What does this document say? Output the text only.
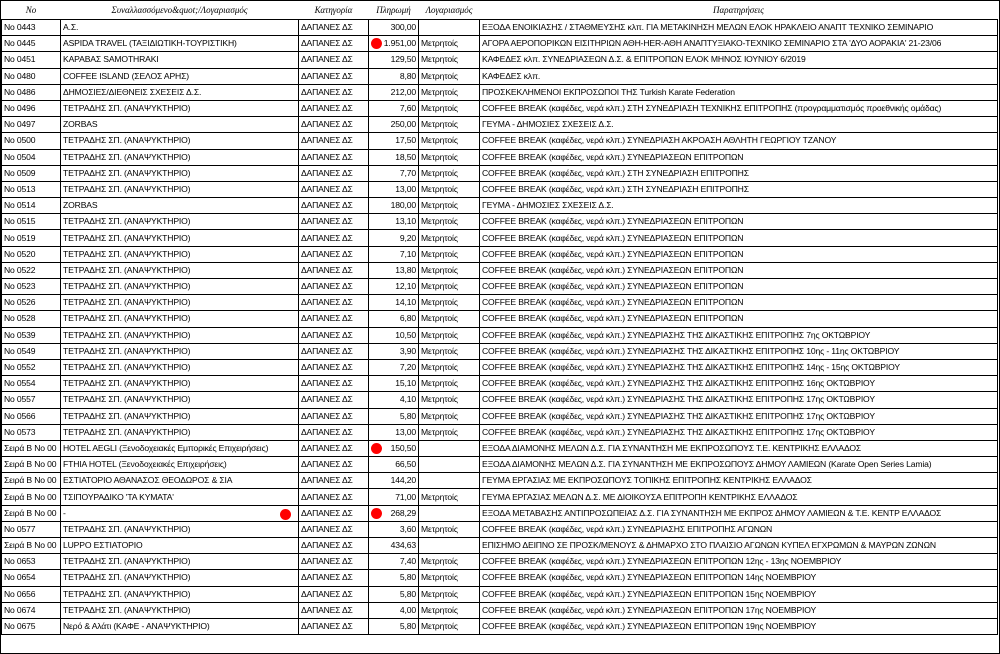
No	Συναλλασσόμενο&quot;/Λογαριασμός	Κατηγορία	Πληρωμή	Λογαριασμός	Παρατηρήσεις
No 0443	Α.Σ.	ΔΑΠΑΝΕΣ ΔΣ	300,00		ΕΞΟΔΑ ΕΝΟΙΚΙΑΣΗΣ / ΣΤΑΘΜΕΥΣΗΣ κλπ. ΓΙΑ ΜΕΤΑΚΙΝΗΣΗ ΜΕΛΩΝ ΕΛΟΚ ΗΡΑΚΛΕΙΟ ΑΝΑΠΤ ΤΕΧΝΙΚΟ ΣΕΜΙΝΑΡΙΟ
No 0445	ASPIDA TRAVEL (ΤΑΞΙΔΙΩΤΙΚΗ-ΤΟΥΡΙΣΤΙΚΗ)	ΔΑΠΑΝΕΣ ΔΣ	1.951,00	Μετρητοίς	ΑΓΟΡΑ ΑΕΡΟΠΟΡΙΚΩΝ ΕΙΣΙΤΗΡΙΩΝ ΑΘΗ-ΗΕR-ΑΘΗ ΑΝΑΠΤΥΞΙΑΚΟ-ΤΕΧΝΙΚΟ ΣΕΜΙΝΑΡΙΟ ΣΤΑ 'ΔΥΟ ΑΟΡΑΚΙΑ' 21-23/06
No 0451	ΚΑΡΑΒΑΣ SAMOTHRAKI	ΔΑΠΑΝΕΣ ΔΣ	129,50	Μετρητοίς	ΚΑΦΕΔΕΣ κλπ. ΣΥΝΕΔΡΙΑΣΕΩΝ Δ.Σ. & ΕΠΙΤΡΟΠΩΝ ΕΛΟΚ ΜΗΝΟΣ ΙΟΥΝΙΟΥ 6/2019
No 0480	COFFEE ISLAND (ΣΕΛΟΣ ΑΡΗΣ)	ΔΑΠΑΝΕΣ ΔΣ	8,80	Μετρητοίς	ΚΑΦΕΔΕΣ κλπ.
No 0486	ΔΗΜΟΣΙΕΣ/ΔΙΕΘΝΕΙΣ ΣΧΕΣΕΙΣ Δ.Σ.	ΔΑΠΑΝΕΣ ΔΣ	212,00	Μετρητοίς	ΠΡΟΣΚΕΚΛΗΜΕΝΟΙ ΕΚΠΡΟΣΩΠΟΙ ΤΗΣ Turkish Karate Federation
No 0496	ΤΕΤΡΑΔΗΣ ΣΠ. (ΑΝΑΨΥΚΤΗΡΙΟ)	ΔΑΠΑΝΕΣ ΔΣ	7,60	Μετρητοίς	COFFEE BREAK (καφέδες, νερά κλπ.) ΣΤΗ ΣΥΝΕΔΡΙΑΣΗ ΤΕΧΝΙΚΗΣ ΕΠΙΤΡΟΠΗΣ (προγραμματισμός προεθνικής ομάδας)
No 0497	ZORBAS	ΔΑΠΑΝΕΣ ΔΣ	250,00	Μετρητοίς	ΓΕΥΜΑ - ΔΗΜΟΣΙΕΣ ΣΧΕΣΕΙΣ Δ.Σ.
No 0500	ΤΕΤΡΑΔΗΣ ΣΠ. (ΑΝΑΨΥΚΤΗΡΙΟ)	ΔΑΠΑΝΕΣ ΔΣ	17,50	Μετρητοίς	COFFEE BREAK (καφέδες, νερά κλπ.) ΣΥΝΕΔΡΙΑΣΗ ΑΚΡΟΑΣΗ ΑΘΛΗΤΗ ΓΕΩΡΓΙΟΥ ΤΖΑΝΟΥ
No 0504	ΤΕΤΡΑΔΗΣ ΣΠ. (ΑΝΑΨΥΚΤΗΡΙΟ)	ΔΑΠΑΝΕΣ ΔΣ	18,50	Μετρητοίς	COFFEE BREAK (καφέδες, νερά κλπ.) ΣΥΝΕΔΡΙΑΣΕΩΝ ΕΠΙΤΡΟΠΩΝ
No 0509	ΤΕΤΡΑΔΗΣ ΣΠ. (ΑΝΑΨΥΚΤΗΡΙΟ)	ΔΑΠΑΝΕΣ ΔΣ	7,70	Μετρητοίς	COFFEE BREAK (καφέδες, νερά κλπ.) ΣΤΗ ΣΥΝΕΔΡΙΑΣΗ ΕΠΙΤΡΟΠΗΣ
No 0513	ΤΕΤΡΑΔΗΣ ΣΠ. (ΑΝΑΨΥΚΤΗΡΙΟ)	ΔΑΠΑΝΕΣ ΔΣ	13,00	Μετρητοίς	COFFEE BREAK (καφέδες, νερά κλπ.) ΣΤΗ ΣΥΝΕΔΡΙΑΣΗ ΕΠΙΤΡΟΠΗΣ
No 0514	ZORBAS	ΔΑΠΑΝΕΣ ΔΣ	180,00	Μετρητοίς	ΓΕΥΜΑ - ΔΗΜΟΣΙΕΣ ΣΧΕΣΕΙΣ Δ.Σ.
No 0515	ΤΕΤΡΑΔΗΣ ΣΠ. (ΑΝΑΨΥΚΤΗΡΙΟ)	ΔΑΠΑΝΕΣ ΔΣ	13,10	Μετρητοίς	COFFEE BREAK (καφέδες, νερά κλπ.) ΣΥΝΕΔΡΙΑΣΕΩΝ ΕΠΙΤΡΟΠΩΝ
No 0519	ΤΕΤΡΑΔΗΣ ΣΠ. (ΑΝΑΨΥΚΤΗΡΙΟ)	ΔΑΠΑΝΕΣ ΔΣ	9,20	Μετρητοίς	COFFEE BREAK (καφέδες, νερά κλπ.) ΣΥΝΕΔΡΙΑΣΕΩΝ ΕΠΙΤΡΟΠΩΝ
No 0520	ΤΕΤΡΑΔΗΣ ΣΠ. (ΑΝΑΨΥΚΤΗΡΙΟ)	ΔΑΠΑΝΕΣ ΔΣ	7,10	Μετρητοίς	COFFEE BREAK (καφέδες, νερά κλπ.) ΣΥΝΕΔΡΙΑΣΕΩΝ ΕΠΙΤΡΟΠΩΝ
No 0522	ΤΕΤΡΑΔΗΣ ΣΠ. (ΑΝΑΨΥΚΤΗΡΙΟ)	ΔΑΠΑΝΕΣ ΔΣ	13,80	Μετρητοίς	COFFEE BREAK (καφέδες, νερά κλπ.) ΣΥΝΕΔΡΙΑΣΕΩΝ ΕΠΙΤΡΟΠΩΝ
No 0523	ΤΕΤΡΑΔΗΣ ΣΠ. (ΑΝΑΨΥΚΤΗΡΙΟ)	ΔΑΠΑΝΕΣ ΔΣ	12,10	Μετρητοίς	COFFEE BREAK (καφέδες, νερά κλπ.) ΣΥΝΕΔΡΙΑΣΕΩΝ ΕΠΙΤΡΟΠΩΝ
No 0526	ΤΕΤΡΑΔΗΣ ΣΠ. (ΑΝΑΨΥΚΤΗΡΙΟ)	ΔΑΠΑΝΕΣ ΔΣ	14,10	Μετρητοίς	COFFEE BREAK (καφέδες, νερά κλπ.) ΣΥΝΕΔΡΙΑΣΕΩΝ ΕΠΙΤΡΟΠΩΝ
No 0528	ΤΕΤΡΑΔΗΣ ΣΠ. (ΑΝΑΨΥΚΤΗΡΙΟ)	ΔΑΠΑΝΕΣ ΔΣ	6,80	Μετρητοίς	COFFEE BREAK (καφέδες, νερά κλπ.) ΣΥΝΕΔΡΙΑΣΕΩΝ ΕΠΙΤΡΟΠΩΝ
No 0539	ΤΕΤΡΑΔΗΣ ΣΠ. (ΑΝΑΨΥΚΤΗΡΙΟ)	ΔΑΠΑΝΕΣ ΔΣ	10,50	Μετρητοίς	COFFEE BREAK (καφέδες, νερά κλπ.) ΣΥΝΕΔΡΙΑΣΗΣ ΤΗΣ ΔΙΚΑΣΤΙΚΗΣ ΕΠΙΤΡΟΠΗΣ 7ης ΟΚΤΩΒΡΙΟΥ
No 0549	ΤΕΤΡΑΔΗΣ ΣΠ. (ΑΝΑΨΥΚΤΗΡΙΟ)	ΔΑΠΑΝΕΣ ΔΣ	3,90	Μετρητοίς	COFFEE BREAK (καφέδες, νερά κλπ.) ΣΥΝΕΔΡΙΑΣΗΣ ΤΗΣ ΔΙΚΑΣΤΙΚΗΣ ΕΠΙΤΡΟΠΗΣ 10ης - 11ης ΟΚΤΩΒΡΙΟΥ
No 0552	ΤΕΤΡΑΔΗΣ ΣΠ. (ΑΝΑΨΥΚΤΗΡΙΟ)	ΔΑΠΑΝΕΣ ΔΣ	7,20	Μετρητοίς	COFFEE BREAK (καφέδες, νερά κλπ.) ΣΥΝΕΔΡΙΑΣΗΣ ΤΗΣ ΔΙΚΑΣΤΙΚΗΣ ΕΠΙΤΡΟΠΗΣ 14ης - 15ης ΟΚΤΩΒΡΙΟΥ
No 0554	ΤΕΤΡΑΔΗΣ ΣΠ. (ΑΝΑΨΥΚΤΗΡΙΟ)	ΔΑΠΑΝΕΣ ΔΣ	15,10	Μετρητοίς	COFFEE BREAK (καφέδες, νερά κλπ.) ΣΥΝΕΔΡΙΑΣΗΣ ΤΗΣ ΔΙΚΑΣΤΙΚΗΣ ΕΠΙΤΡΟΠΗΣ 16ης ΟΚΤΩΒΡΙΟΥ
No 0557	ΤΕΤΡΑΔΗΣ ΣΠ. (ΑΝΑΨΥΚΤΗΡΙΟ)	ΔΑΠΑΝΕΣ ΔΣ	4,10	Μετρητοίς	COFFEE BREAK (καφέδες, νερά κλπ.) ΣΥΝΕΔΡΙΑΣΗΣ ΤΗΣ ΔΙΚΑΣΤΙΚΗΣ ΕΠΙΤΡΟΠΗΣ 17ης ΟΚΤΩΒΡΙΟΥ
No 0566	ΤΕΤΡΑΔΗΣ ΣΠ. (ΑΝΑΨΥΚΤΗΡΙΟ)	ΔΑΠΑΝΕΣ ΔΣ	5,80	Μετρητοίς	COFFEE BREAK (καφέδες, νερά κλπ.) ΣΥΝΕΔΡΙΑΣΗΣ ΤΗΣ ΔΙΚΑΣΤΙΚΗΣ ΕΠΙΤΡΟΠΗΣ 17ης ΟΚΤΩΒΡΙΟΥ
No 0573	ΤΕΤΡΑΔΗΣ ΣΠ. (ΑΝΑΨΥΚΤΗΡΙΟ)	ΔΑΠΑΝΕΣ ΔΣ	13,00	Μετρητοίς	COFFEE BREAK (καφέδες, νερά κλπ.) ΣΥΝΕΔΡΙΑΣΗΣ ΤΗΣ ΔΙΚΑΣΤΙΚΗΣ ΕΠΙΤΡΟΠΗΣ 17ης ΟΚΤΩΒΡΙΟΥ
Σειρά Β Νο 00	HOTEL AEGLI (Ξενοδοχειακές Εμπορικές Επιχειρήσεις)	ΔΑΠΑΝΕΣ ΔΣ	150,50		ΕΞΟΔΑ ΔΙΑΜΟΝΗΣ ΜΕΛΩΝ Δ.Σ. ΓΙΑ ΣΥΝΑΝΤΗΣΗ ΜΕ ΕΚΠΡΟΣΩΠΟΥΣ Τ.Ε. ΚΕΝΤΡΙΚΗΣ ΕΛΛΑΔΟΣ
Σειρά Β Νο 00	FTHIA HOTEL (Ξενοδοχειακές Επιχειρήσεις)	ΔΑΠΑΝΕΣ ΔΣ	66,50		ΕΞΟΔΑ ΔΙΑΜΟΝΗΣ ΜΕΛΩΝ Δ.Σ. ΓΙΑ ΣΥΝΑΝΤΗΣΗ ΜΕ ΕΚΠΡΟΣΩΠΟΥΣ ΔΗΜΟΥ ΛΑΜΙΕΩΝ (Karate Open Series Lamia)
Σειρά Β Νο 00	ΕΣΤΙΑΤΟΡΙΟ ΑΘΑΝΑΣΟΣ ΘΕΟΔΩΡΟΣ & ΣΙΑ	ΔΑΠΑΝΕΣ ΔΣ	144,20		ΓΕΥΜΑ ΕΡΓΑΣΙΑΣ ΜΕ ΕΚΠΡΟΣΩΠΟΥΣ ΤΟΠΙΚΗΣ ΕΠΙΤΡΟΠΗΣ ΚΕΝΤΡΙΚΗΣ ΕΛΛΑΔΟΣ
Σειρά Β Νο 00	ΤΣΙΠΟΥΡΑΔΙΚΟ 'ΤΑ ΚΥΜΑΤΑ'	ΔΑΠΑΝΕΣ ΔΣ	71,00	Μετρητοίς	ΓΕΥΜΑ ΕΡΓΑΣΙΑΣ ΜΕΛΩΝ Δ.Σ. ΜΕ ΔΙΟΙΚΟΥΣΑ ΕΠΙΤΡΟΠΗ ΚΕΝΤΡΙΚΗΣ ΕΛΛΑΔΟΣ
Σειρά Β Νο 00	-	ΔΑΠΑΝΕΣ ΔΣ	268,29		ΕΞΟΔΑ ΜΕΤΑΒΑΣΗΣ ΑΝΤΙΠΡΟΣΩΠΕΙΑΣ Δ.Σ. ΓΙΑ ΣΥΝΑΝΤΗΣΗ ΜΕ ΕΚΠΡΟΣ ΔΗΜΟΥ ΛΑΜΙΕΩΝ & Τ.Ε. ΚΕΝΤΡ ΕΛΛΑΔΟΣ
No 0577	ΤΕΤΡΑΔΗΣ ΣΠ. (ΑΝΑΨΥΚΤΗΡΙΟ)	ΔΑΠΑΝΕΣ ΔΣ	3,60	Μετρητοίς	COFFEE BREAK (καφέδες, νερά κλπ.) ΣΥΝΕΔΡΙΑΣΗΣ ΕΠΙΤΡΟΠΗΣ ΑΓΩΝΩΝ
Σειρά Β Νο 00	LUPPO ΕΣΤΙΑΤΟΡΙΟ	ΔΑΠΑΝΕΣ ΔΣ	434,63		ΕΠΙΣΗΜΟ ΔΕΙΠΝΟ ΣΕ ΠΡΟΣΚ/ΜΕΝΟΥΣ & ΔΗΜΑΡΧΟ ΣΤΟ ΠΛΑΙΣΙΟ ΑΓΩΝΩΝ ΚΥΠΕΛ ΕΓΧΡΩΜΩΝ & ΜΑΥΡΩΝ ΖΩΝΩΝ
No 0653	ΤΕΤΡΑΔΗΣ ΣΠ. (ΑΝΑΨΥΚΤΗΡΙΟ)	ΔΑΠΑΝΕΣ ΔΣ	7,40	Μετρητοίς	COFFEE BREAK (καφέδες, νερά κλπ.) ΣΥΝΕΔΡΙΑΣΕΩΝ ΕΠΙΤΡΟΠΩΝ 12ης - 13ης ΝΟΕΜΒΡΙΟΥ
No 0654	ΤΕΤΡΑΔΗΣ ΣΠ. (ΑΝΑΨΥΚΤΗΡΙΟ)	ΔΑΠΑΝΕΣ ΔΣ	5,80	Μετρητοίς	COFFEE BREAK (καφέδες, νερά κλπ.) ΣΥΝΕΔΡΙΑΣΕΩΝ ΕΠΙΤΡΟΠΩΝ 14ης ΝΟΕΜΒΡΙΟΥ
No 0656	ΤΕΤΡΑΔΗΣ ΣΠ. (ΑΝΑΨΥΚΤΗΡΙΟ)	ΔΑΠΑΝΕΣ ΔΣ	5,80	Μετρητοίς	COFFEE BREAK (καφέδες, νερά κλπ.) ΣΥΝΕΔΡΙΑΣΕΩΝ ΕΠΙΤΡΟΠΩΝ 15ης ΝΟΕΜΒΡΙΟΥ
No 0674	ΤΕΤΡΑΔΗΣ ΣΠ. (ΑΝΑΨΥΚΤΗΡΙΟ)	ΔΑΠΑΝΕΣ ΔΣ	4,00	Μετρητοίς	COFFEE BREAK (καφέδες, νερά κλπ.) ΣΥΝΕΔΡΙΑΣΕΩΝ ΕΠΙΤΡΟΠΩΝ 17ης ΝΟΕΜΒΡΙΟΥ
No 0675	Νερό & Αλάτι (ΚΑΦΕ - ΑΝΑΨΥΚΤΗΡΙΟ)	ΔΑΠΑΝΕΣ ΔΣ	5,80	Μετρητοίς	COFFEE BREAK (καφέδες, νερά κλπ.) ΣΥΝΕΔΡΙΑΣΕΩΝ ΕΠΙΤΡΟΠΩΝ 19ης ΝΟΕΜΒΡΙΟΥ
